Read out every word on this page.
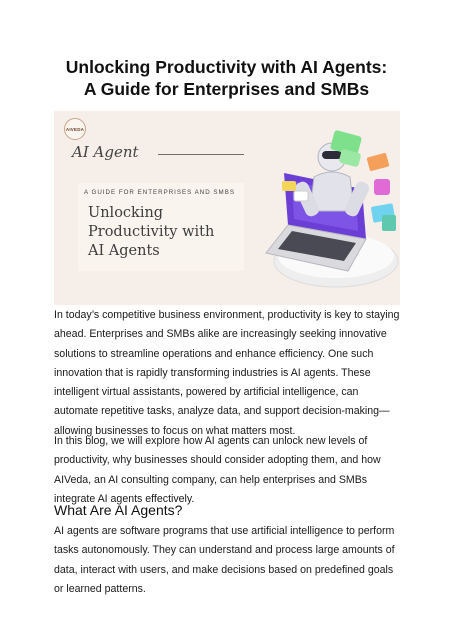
Unlocking Productivity with AI Agents:
A Guide for Enterprises and SMBs
AIVEDA
AI Agent
A GUIDE FOR ENTERPRISES AND SMBS
Unlocking
Productivity with
AI Agents

In today’s competitive business environment, productivity is key to staying ahead. Enterprises and SMBs alike are increasingly seeking innovative solutions to streamline operations and enhance efficiency. One such innovation that is rapidly transforming industries is AI agents. These intelligent virtual assistants, powered by artificial intelligence, can automate repetitive tasks, analyze data, and support decision-making—allowing businesses to focus on what matters most.

In this blog, we will explore how AI agents can unlock new levels of productivity, why businesses should consider adopting them, and how AIVeda, an AI consulting company, can help enterprises and SMBs integrate AI agents effectively.

What Are AI Agents?

AI agents are software programs that use artificial intelligence to perform tasks autonomously. They can understand and process large amounts of data, interact with users, and make decisions based on predefined goals or learned patterns.
